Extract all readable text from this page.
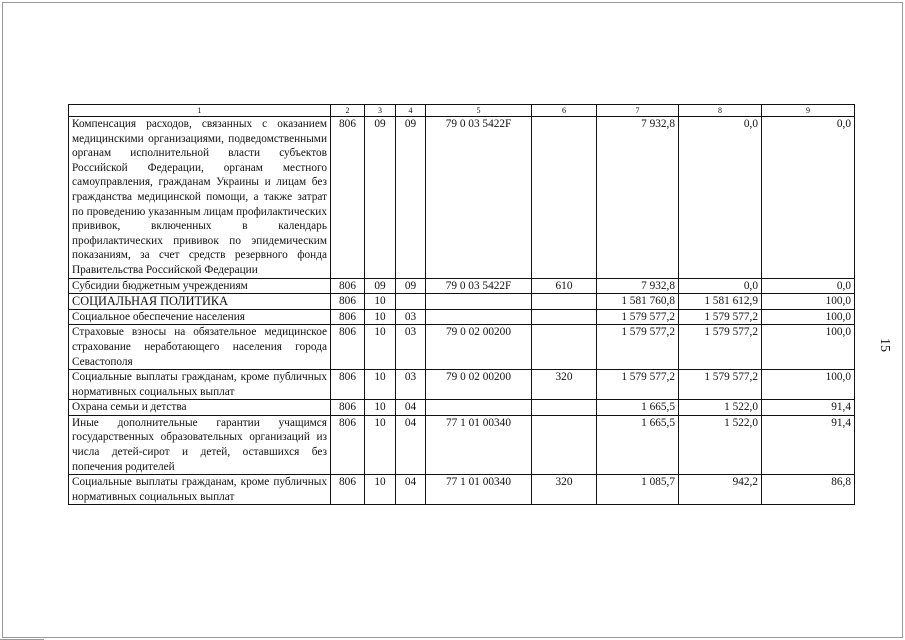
1	2	3	4	5	6	7	8	9
Компенсация расходов, связанных с оказанием медицинскими организациями, подведомственными органам исполнительной власти субъектов Российской Федерации, органам местного самоуправления, гражданам Украины и лицам без гражданства медицинской помощи, а также затрат по проведению указанным лицам профилактических прививок, включенных в календарь профилактических прививок по эпидемическим показаниям, за счет средств резервного фонда Правительства Российской Федерации	806	09	09	79 0 03 5422F		7 932,8	0,0	0,0
Субсидии бюджетным учреждениям	806	09	09	79 0 03 5422F	610	7 932,8	0,0	0,0
СОЦИАЛЬНАЯ ПОЛИТИКА	806	10				1 581 760,8	1 581 612,9	100,0
Социальное обеспечение населения	806	10	03			1 579 577,2	1 579 577,2	100,0
Страховые взносы на обязательное медицинское страхование неработающего населения города Севастополя	806	10	03	79 0 02 00200		1 579 577,2	1 579 577,2	100,0
Социальные выплаты гражданам, кроме публичных нормативных социальных выплат	806	10	03	79 0 02 00200	320	1 579 577,2	1 579 577,2	100,0
Охрана семьи и детства	806	10	04			1 665,5	1 522,0	91,4
Иные дополнительные гарантии учащимся государственных образовательных организаций из числа детей-сирот и детей, оставшихся без попечения родителей	806	10	04	77 1 01 00340		1 665,5	1 522,0	91,4
Социальные выплаты гражданам, кроме публичных нормативных социальных выплат	806	10	04	77 1 01 00340	320	1 085,7	942,2	86,8
15
